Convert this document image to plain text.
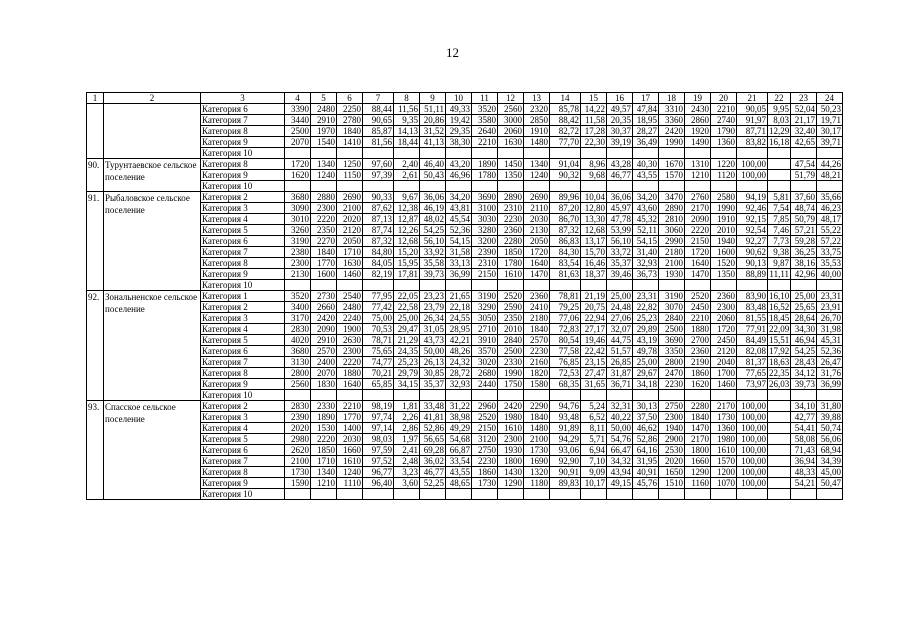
12
1	2	3	4	5	6	7	8	9	10	11	12	13	14	15	16	17	18	19	20	21	22	23	24
		Категория 6	3390	2480	2250	88,44	11,56	51,11	49,33	3520	2560	2320	85,78	14,22	49,57	47,84	3310	2430	2210	90,05	9,95	52,04	50,23
		Категория 7	3440	2910	2780	90,65	9,35	20,86	19,42	3580	3000	2850	88,42	11,58	20,35	18,95	3360	2860	2740	91,97	8,03	21,17	19,71
		Категория 8	2500	1970	1840	85,87	14,13	31,52	29,35	2640	2060	1910	82,72	17,28	30,37	28,27	2420	1920	1790	87,71	12,29	32,40	30,17
		Категория 9	2070	1540	1410	81,56	18,44	41,13	38,30	2210	1630	1480	77,70	22,30	39,19	36,49	1990	1490	1360	83,82	16,18	42,65	39,71
		Категория 10																					
90.	Турунтаевское сельское поселение	Категория 8	1720	1340	1250	97,60	2,40	46,40	43,20	1890	1450	1340	91,04	8,96	43,28	40,30	1670	1310	1220	100,00		47,54	44,26
		Категория 9	1620	1240	1150	97,39	2,61	50,43	46,96	1780	1350	1240	90,32	9,68	46,77	43,55	1570	1210	1120	100,00		51,79	48,21
		Категория 10																					
91.	Рыбаловское сельское поселение	Категория 2	3680	2880	2690	90,33	9,67	36,06	34,20	3690	2890	2690	89,96	10,04	36,06	34,20	3470	2760	2580	94,19	5,81	37,60	35,66
		Категория 3	3090	2300	2100	87,62	12,38	46,19	43,81	3100	2310	2110	87,20	12,80	45,97	43,60	2890	2170	1990	92,46	7,54	48,74	46,23
		Категория 4	3010	2220	2020	87,13	12,87	48,02	45,54	3030	2230	2030	86,70	13,30	47,78	45,32	2810	2090	1910	92,15	7,85	50,79	48,17
		Категория 5	3260	2350	2120	87,74	12,26	54,25	52,36	3280	2360	2130	87,32	12,68	53,99	52,11	3060	2220	2010	92,54	7,46	57,21	55,22
		Категория 6	3190	2270	2050	87,32	12,68	56,10	54,15	3200	2280	2050	86,83	13,17	56,10	54,15	2990	2150	1940	92,27	7,73	59,28	57,22
		Категория 7	2380	1840	1710	84,80	15,20	33,92	31,58	2390	1850	1720	84,30	15,70	33,72	31,40	2180	1720	1600	90,62	9,38	36,25	33,75
		Категория 8	2300	1770	1630	84,05	15,95	35,58	33,13	2310	1780	1640	83,54	16,46	35,37	32,93	2100	1640	1520	90,13	9,87	38,16	35,53
		Категория 9	2130	1600	1460	82,19	17,81	39,73	36,99	2150	1610	1470	81,63	18,37	39,46	36,73	1930	1470	1350	88,89	11,11	42,96	40,00
		Категория 10																					
92.	Зональненское сельское поселение	Категория 1	3520	2730	2540	77,95	22,05	23,23	21,65	3190	2520	2360	78,81	21,19	25,00	23,31	3190	2520	2360	83,90	16,10	25,00	23,31
		Категория 2	3400	2660	2480	77,42	22,58	23,79	22,18	3290	2590	2410	79,25	20,75	24,48	22,82	3070	2450	2300	83,48	16,52	25,65	23,91
		Категория 3	3170	2420	2240	75,00	25,00	26,34	24,55	3050	2350	2180	77,06	22,94	27,06	25,23	2840	2210	2060	81,55	18,45	28,64	26,70
		Категория 4	2830	2090	1900	70,53	29,47	31,05	28,95	2710	2010	1840	72,83	27,17	32,07	29,89	2500	1880	1720	77,91	22,09	34,30	31,98
		Категория 5	4020	2910	2630	78,71	21,29	43,73	42,21	3910	2840	2570	80,54	19,46	44,75	43,19	3690	2700	2450	84,49	15,51	46,94	45,31
		Категория 6	3680	2570	2300	75,65	24,35	50,00	48,26	3570	2500	2230	77,58	22,42	51,57	49,78	3350	2360	2120	82,08	17,92	54,25	52,36
		Категория 7	3130	2400	2220	74,77	25,23	26,13	24,32	3020	2330	2160	76,85	23,15	26,85	25,00	2800	2190	2040	81,37	18,63	28,43	26,47
		Категория 8	2800	2070	1880	70,21	29,79	30,85	28,72	2680	1990	1820	72,53	27,47	31,87	29,67	2470	1860	1700	77,65	22,35	34,12	31,76
		Категория 9	2560	1830	1640	65,85	34,15	35,37	32,93	2440	1750	1580	68,35	31,65	36,71	34,18	2230	1620	1460	73,97	26,03	39,73	36,99
		Категория 10																					
93.	Спасское сельское поселение	Категория 2	2830	2330	2210	98,19	1,81	33,48	31,22	2960	2420	2290	94,76	5,24	32,31	30,13	2750	2280	2170	100,00		34,10	31,80
		Категория 3	2390	1890	1770	97,74	2,26	41,81	38,98	2520	1980	1840	93,48	6,52	40,22	37,50	2300	1840	1730	100,00		42,77	39,88
		Категория 4	2020	1530	1400	97,14	2,86	52,86	49,29	2150	1610	1480	91,89	8,11	50,00	46,62	1940	1470	1360	100,00		54,41	50,74
		Категория 5	2980	2220	2030	98,03	1,97	56,65	54,68	3120	2300	2100	94,29	5,71	54,76	52,86	2900	2170	1980	100,00		58,08	56,06
		Категория 6	2620	1850	1660	97,59	2,41	69,28	66,87	2750	1930	1730	93,06	6,94	66,47	64,16	2530	1800	1610	100,00		71,43	68,94
		Категория 7	2100	1710	1610	97,52	2,48	36,02	33,54	2230	1800	1690	92,90	7,10	34,32	31,95	2020	1660	1570	100,00		36,94	34,39
		Категория 8	1730	1340	1240	96,77	3,23	46,77	43,55	1860	1430	1320	90,91	9,09	43,94	40,91	1650	1290	1200	100,00		48,33	45,00
		Категория 9	1590	1210	1110	96,40	3,60	52,25	48,65	1730	1290	1180	89,83	10,17	49,15	45,76	1510	1160	1070	100,00		54,21	50,47
		Категория 10																					
